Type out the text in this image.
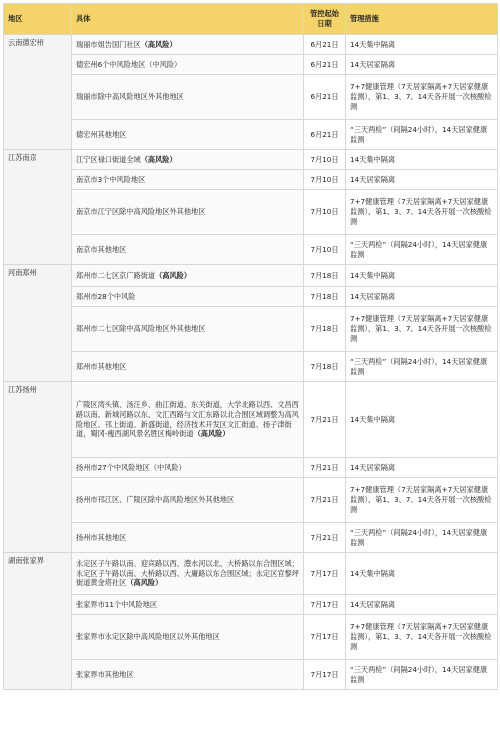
地区	具体	管控起始日期	管理措施
云南德宏州	瑞丽市姐告国门社区（高风险）	6月21日	14天集中隔离
	德宏州6个中风险地区（中风险）	6月21日	14天居家隔离
	瑞丽市除中高风险地区外其他地区	6月21日	7+7健康管理（7天居家隔离+7天居家健康监测），第1、3、7、14天各开展一次核酸检测
	德宏州其他地区	6月21日	“三天两检”（间隔24小时），14天居家健康监测
江苏南京	江宁区禄口街道全域（高风险）	7月10日	14天集中隔离
	南京市3个中风险地区	7月10日	14天居家隔离
	南京市江宁区除中高风险地区外其他地区	7月10日	7+7健康管理（7天居家隔离+7天居家健康监测），第1、3、7、14天各开展一次核酸检测
	南京市其他地区	7月10日	“三天两检”（间隔24小时），14天居家健康监测
河南郑州	郑州市二七区京广路街道（高风险）	7月18日	14天集中隔离
	郑州市28个中风险	7月18日	14天居家隔离
	郑州市二七区除中高风险地区外其他地区	7月18日	7+7健康管理（7天居家隔离+7天居家健康监测），第1、3、7、14天各开展一次核酸检测
	郑州市其他地区	7月18日	“三天两检”（间隔24小时），14天居家健康监测
江苏扬州	广陵区湾头镇、汤汪乡、曲江街道、东关街道，大学北路以西、文昌西路以南、新城河路以东、文汇西路与文汇东路以北合围区域调整为高风险地区、邗上街道、新盛街道，经济技术开发区文汇街道、扬子津街道，蜀冈-瘦西湖风景名胜区梅岭街道（高风险）	7月21日	14天集中隔离
	扬州市27个中风险地区（中风险）	7月21日	14天居家隔离
	扬州市邗江区、广陵区除中高风险地区外其他地区	7月21日	7+7健康管理（7天居家隔离+7天居家健康监测），第1、3、7、14天各开展一次核酸检测
	扬州市其他地区	7月21日	“三天两检”（间隔24小时），14天居家健康监测
湖南张家界	永定区子午路以南、迎宾路以西、澧水河以北、大桥路以东合围区域；永定区子午路以南、大桥路以西、大庸路以东合围区域；永定区官黎坪街道黄金塔社区（高风险）	7月17日	14天集中隔离
	张家界市11个中风险地区	7月17日	14天居家隔离
	张家界市永定区除中高风险地区以外其他地区	7月17日	7+7健康管理（7天居家隔离+7天居家健康监测），第1、3、7、14天各开展一次核酸检测
	张家界市其他地区	7月17日	“三天两检”（间隔24小时），14天居家健康监测
